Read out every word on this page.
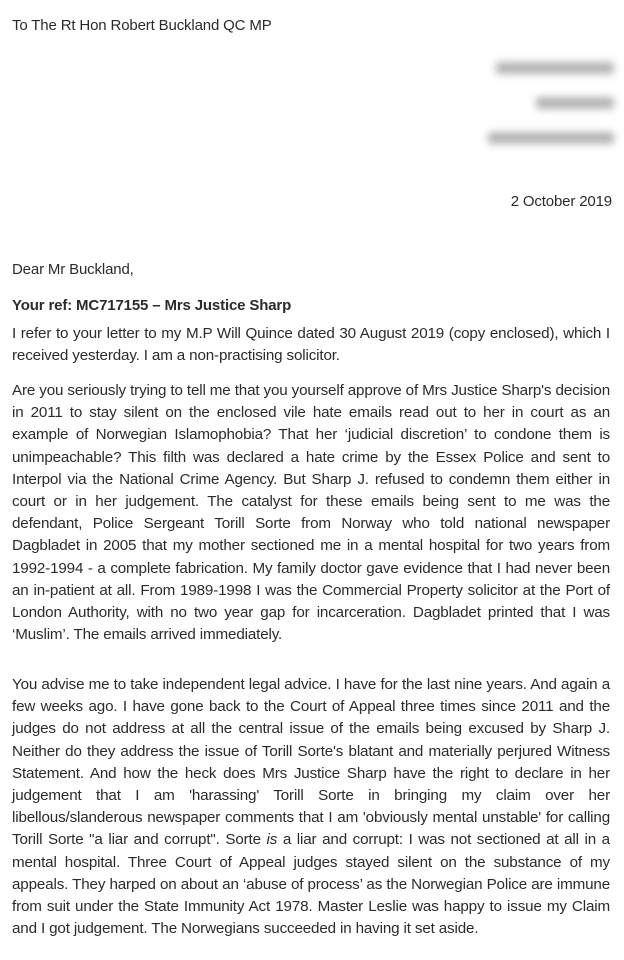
To The Rt Hon Robert Buckland QC MP
2 October 2019
Dear Mr Buckland,
Your ref: MC717155 – Mrs Justice Sharp

I refer to your letter to my M.P Will Quince dated 30 August 2019 (copy enclosed), which I received yesterday. I am a non-practising solicitor.

Are you seriously trying to tell me that you yourself approve of Mrs Justice Sharp's decision in 2011 to stay silent on the enclosed vile hate emails read out to her in court as an example of Norwegian Islamophobia? That her ‘judicial discretion’ to condone them is unimpeachable? This filth was declared a hate crime by the Essex Police and sent to Interpol via the National Crime Agency. But Sharp J. refused to condemn them either in court or in her judgement. The catalyst for these emails being sent to me was the defendant, Police Sergeant Torill Sorte from Norway who told national newspaper Dagbladet in 2005 that my mother sectioned me in a mental hospital for two years from 1992-1994 - a complete fabrication. My family doctor gave evidence that I had never been an in-patient at all. From 1989-1998 I was the Commercial Property solicitor at the Port of London Authority, with no two year gap for incarceration. Dagbladet printed that I was ‘Muslim’. The emails arrived immediately.

You advise me to take independent legal advice. I have for the last nine years. And again a few weeks ago. I have gone back to the Court of Appeal three times since 2011 and the judges do not address at all the central issue of the emails being excused by Sharp J. Neither do they address the issue of Torill Sorte's blatant and materially perjured Witness Statement. And how the heck does Mrs Justice Sharp have the right to declare in her judgement that I am 'harassing' Torill Sorte in bringing my claim over her libellous/slanderous newspaper comments that I am 'obviously mental unstable' for calling Torill Sorte "a liar and corrupt". Sorte is a liar and corrupt: I was not sectioned at all in a mental hospital. Three Court of Appeal judges stayed silent on the substance of my appeals. They harped on about an ‘abuse of process’ as the Norwegian Police are immune from suit under the State Immunity Act 1978. Master Leslie was happy to issue my Claim and I got judgement. The Norwegians succeeded in having it set aside.
